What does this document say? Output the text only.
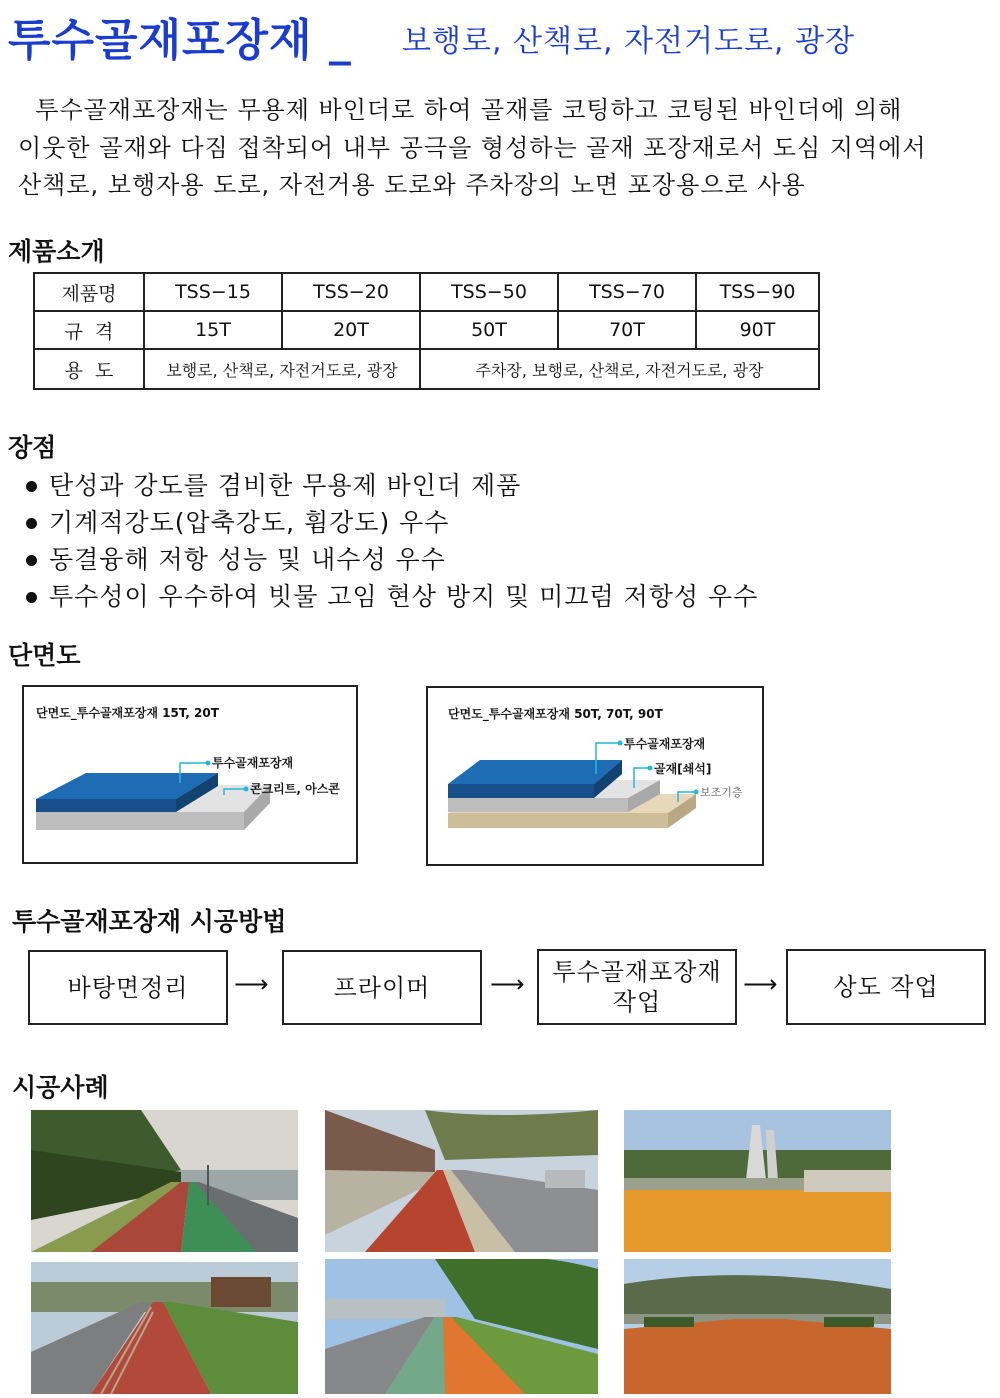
투수골재포장재 _ 보행로, 산책로, 자전거도로, 광장

투수골재포장재는 무용제 바인더로 하여 골재를 코팅하고 코팅된 바인더에 의해

이웃한 골재와 다짐 접착되어 내부 공극을 형성하는 골재 포장재로서 도심 지역에서

산책로, 보행자용 도로, 자전거용 도로와 주차장의 노면 포장용으로 사용

제품소개
제품명	TSS−15	TSS−20	TSS−50	TSS−70	TSS−90
규  격	15T	20T	50T	70T	90T
용  도	보행로, 산책로, 자전거도로, 광장		주차장, 보행로, 산책로, 자전거도로, 광장		
장점
탄성과 강도를 겸비한 무용제 바인더 제품
기계적강도(압축강도, 휨강도) 우수
동결융해 저항 성능 및 내수성 우수
투수성이 우수하여 빗물 고임 현상 방지 및 미끄럼 저항성 우수
단면도
단면도_투수골재포장재 15T, 20T
투수골재포장재
콘크리트, 아스콘
단면도_투수골재포장재 50T, 70T, 90T
투수골재포장재
골재[쇄석]
보조기층
투수골재포장재 시공방법
바탕면정리	⟶	프라이머	⟶	투수골재포장재
작업
⟶	상도 작업
시공사례
